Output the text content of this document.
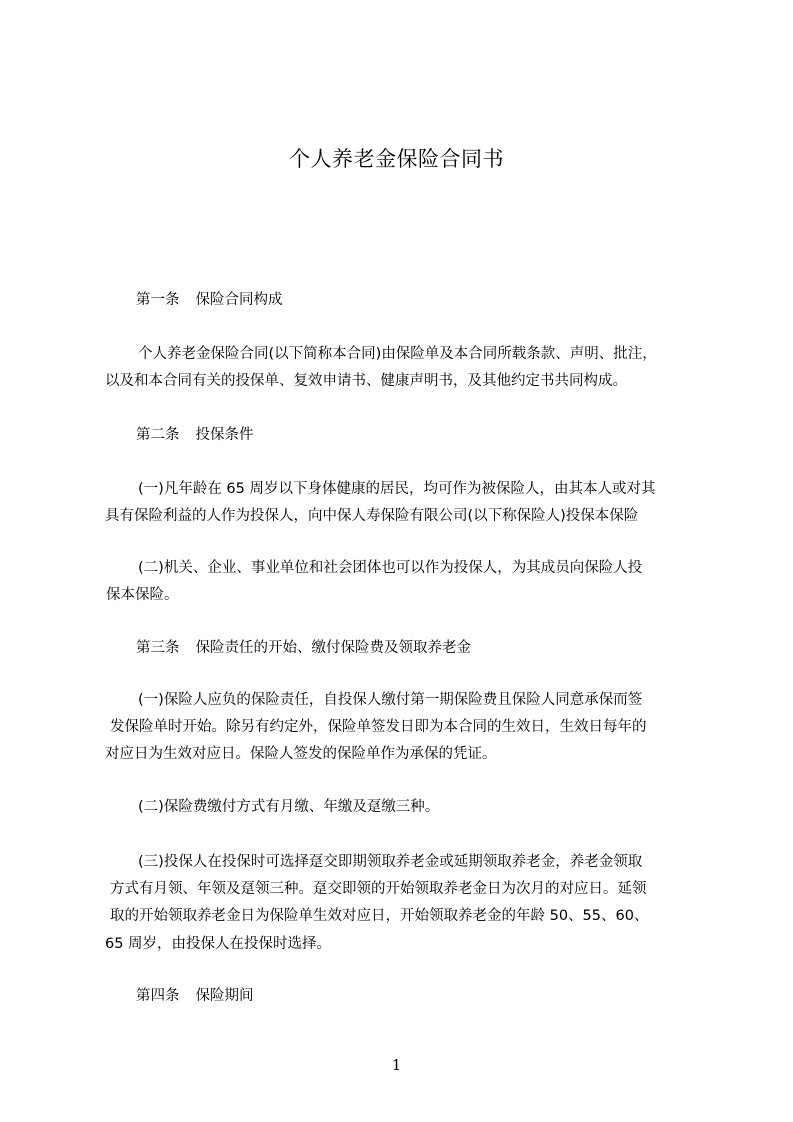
个人养老金保险合同书
第一条 保险合同构成
个人养老金保险合同(以下简称本合同)由保险单及本合同所载条款、声明、批注，
以及和本合同有关的投保单、复效申请书、健康声明书，及其他约定书共同构成。
第二条 投保条件
(一)凡年龄在 65 周岁以下身体健康的居民，均可作为被保险人，由其本人或对其
具有保险利益的人作为投保人，向中保人寿保险有限公司(以下称保险人)投保本保险
(二)机关、企业、事业单位和社会团体也可以作为投保人，为其成员向保险人投
保本保险。
第三条 保险责任的开始、缴付保险费及领取养老金
(一)保险人应负的保险责任，自投保人缴付第一期保险费且保险人同意承保而签
发保险单时开始。除另有约定外，保险单签发日即为本合同的生效日，生效日每年的
对应日为生效对应日。保险人签发的保险单作为承保的凭证。
(二)保险费缴付方式有月缴、年缴及趸缴三种。
(三)投保人在投保时可选择趸交即期领取养老金或延期领取养老金，养老金领取
方式有月领、年领及趸领三种。趸交即领的开始领取养老金日为次月的对应日。延领
取的开始领取养老金日为保险单生效对应日，开始领取养老金的年龄 50、55、60、
65 周岁，由投保人在投保时选择。
第四条 保险期间
1
